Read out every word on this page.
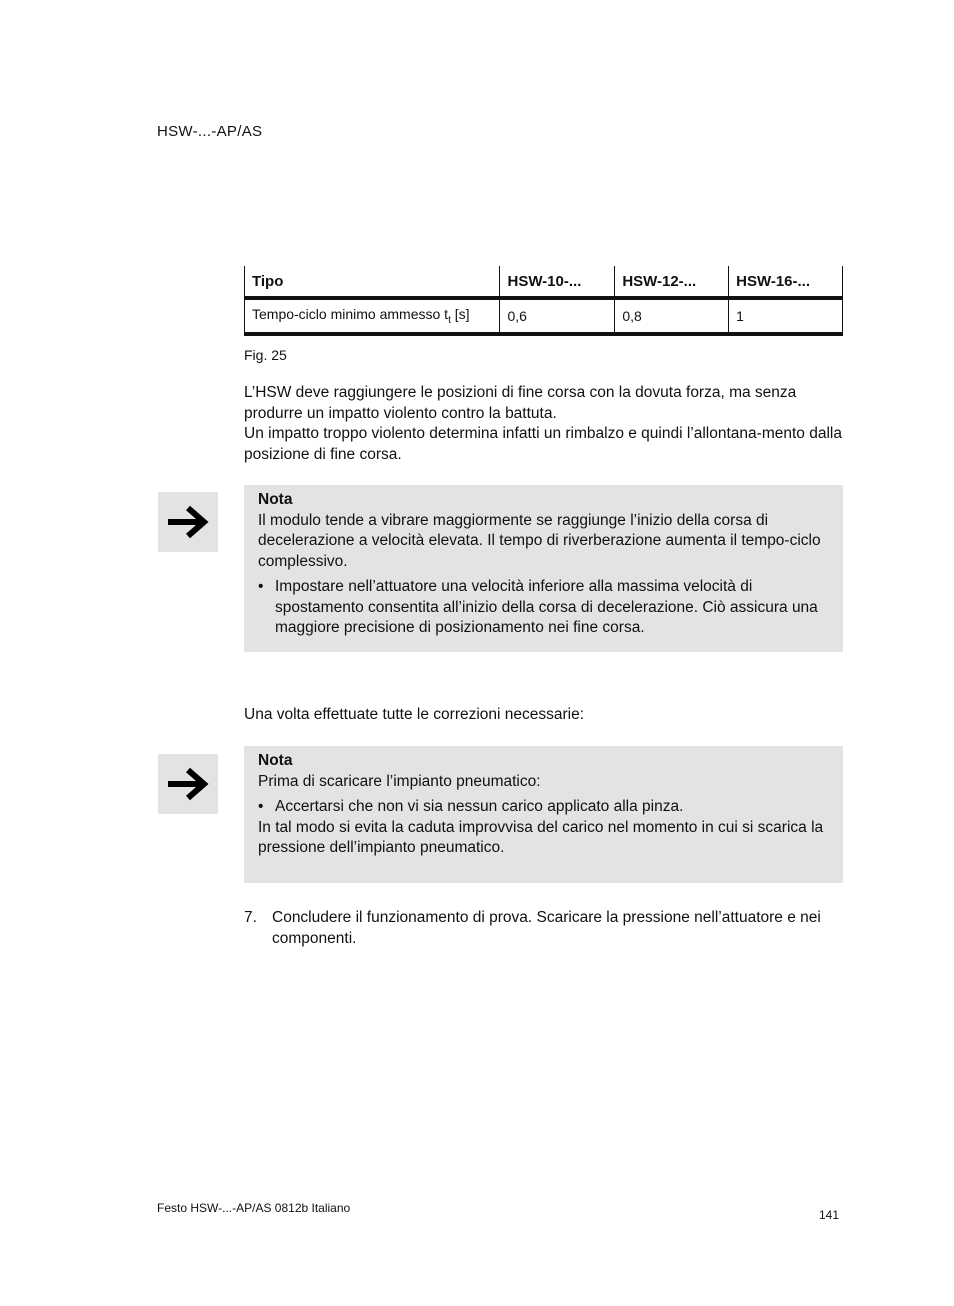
HSW-...-AP/AS
Tipo	HSW-10-...	HSW-12-...	HSW-16-...
Tempo-ciclo minimo ammesso $t_t$ [s]	0,6	0,8	1
Fig. 25

L’HSW deve raggiungere le posizioni di fine corsa con la dovuta forza, ma senza produrre un impatto violento contro la battuta.

Un impatto troppo violento determina infatti un rimbalzo e quindi l’allontana-mento dalla posizione di fine corsa.

Nota

Il modulo tende a vibrare maggiormente se raggiunge l’inizio della corsa di decelerazione a velocità elevata. Il tempo di riverberazione aumenta il tempo-ciclo complessivo.

• Impostare nell’attuatore una velocità inferiore alla massima velocità di spostamento consentita all’inizio della corsa di decelerazione. Ciò assicura una maggiore precisione di posizionamento nei fine corsa.
Una volta effettuate tutte le correzioni necessarie:
Nota

Prima di scaricare l’impianto pneumatico:

• Accertarsi che non vi sia nessun carico applicato alla pinza.

In tal modo si evita la caduta improvvisa del carico nel momento in cui si scarica la pressione dell’impianto pneumatico.

7. Concludere il funzionamento di prova. Scaricare la pressione nell’attuatore e nei componenti.
Festo HSW-...-AP/AS 0812b Italiano	141
